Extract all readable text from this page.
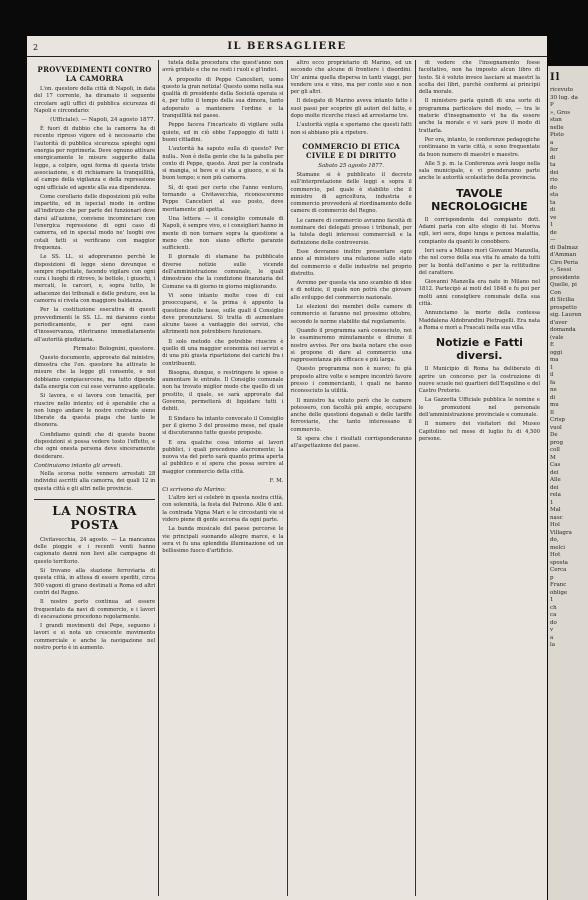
2	IL BERSAGLIERE
PROVVEDIMENTI CONTRO LA CAMORRA
L'on. questore della città di Napoli, in data del 17 corrente, ha diramato il seguente circolare agli uffici di pubblica sicurezza di Napoli e circondario:
(Ufficiale). — Napoli, 24 agosto 1877.
È fuori di dubbio che la camorra ha di recente ripreso vigore ed è necessario che l'autorità di pubblica sicurezza spieghi ogni energia per reprimerla. Deve ognuno attivare energicamente le misure suggerite dalla legge, a colpire, ogni forma di questa triste associazione, e di richiamare la tranquillità, al campo della vigilanza e della repressione ogni ufficiale ed agente alla sua dipendenza.
Come corollario delle disposizioni più volte impartite, ed in ispecial modo in ordine all'indirizzo che per parte dei funzionari deve darsi all'azione, conviene incominciare con l'energica repressione di ogni caso di camorra, ed in special modo ne' luoghi ove cotali fatti si verificano con maggior frequenza.
Le SS. LL. si adopreranno perchè le disposizioni di legge sieno dovunque e sempre rispettate, facendo vigilare con ogni cura i luoghi di ritrovo, le bettole, i giuochi, i mercati, le carceri, e, sopra tutto, le adiacenze dei tribunali e delle preture, ove la camorra si rivela con maggiore baldanza.
Per la costituzione esecutiva di questi provvedimenti le SS. LL. mi daranno conto periodicamente, e per ogni caso d'inosservanza, riferiranno immediatamente all'autorità giudiziaria.
Firmato: Bolognini, questore.
Questo documento, approvato dal ministro, dimostra che l'on. questore ha attivato le misure che la legge gli consente, e noi dobbiamo compiacercene, ma tutto dipende dalla energia con cui esse verranno applicate.
Si lavora, e si lavora con tenacità, per riuscire nello intento; ed è sperabile che a non lungo andare le nostre contrade sieno liberate da questa piaga che tanto le disonora.
Confidiamo quindi che di queste buone disposizioni si possa vedere tosto l'effetto, e che ogni onesta persona deve sinceramente desiderare.
Continuiamo intanto gli arresti.
Nella scorsa notte vennero arrestati 28 individui ascritti alla camorra, dei quali 12 in questa città e gli altri nelle provincie.
LA NOSTRA POSTA
Civitavecchia, 24 agosto. — La mancanza delle pioggie e i recenti venti hanno cagionato danni non lievi alle campagne di questo territorio.
Si trovano alla stazione ferroviaria di questa città, in attesa di essere spediti, circa 500 vagoni di grano destinati a Roma ed altri centri del Regno.
Il nostro porto continua ad essere frequentato da navi di commercio, e i lavori di escavazione procedono regolarmente.
I grandi movimenti del Pepe, seguono i lavori e si nota un crescente movimento commerciale e anche la navigazione nel nostro porto è in aumento.
tutela della procedura che quest'anno non avrà gridato e che ne resti i ruoli e gl'indici.
A proposito di Peppe Cancelieri, uomo questo la gran notizia! Questo uomo nella sua qualità di presidente della Società operaia si è, per tutto il tempo della sua dimora, tanto adoperato a mantenere l'ordine e la tranquillità nel paese.
Peppe faceva l'incaricato di vigilare sulla quiete, ed in ciò ebbe l'appoggio di tutti i buoni cittadini.
L'autorità ha saputo sulla di questo? Per nulla.. Non è della gente che fa la gabella per conto di Peppe, questo. Anzi per la contrada si mangia, si beve e si sta a giuoco, e si fa buon tempo; e non più camorra.
Sì, di quei per certo che l'anno venturo, tornando a Civitavecchia, riconosceremo Peppe Cancelieri al suo posto, dove meritamente gli spetta.
Una lettera — il consiglio comunale di Napoli, è sempre vivo, e i consiglieri hanno in mente di non tornare sopra la questione a meno che non siano offerte garanzie sufficienti.
Il giornale di stamane ha pubblicato diverse notizie sulle vicende dell'amministrazione comunale, le quali dimostrano che la condizione finanziaria del Comune va di giorno in giorno migliorando.
Vi sono intanto molte cose di cui preoccuparsi, e la prima è appunto la questione delle tasse, sulle quali il Consiglio deve pronunziarsi. Si tratta di aumentare alcune tasse a vantaggio dei servizi, che altrimenti non potrebbero funzionare.
Il solo metodo che potrebbe riuscire è quello di una maggior economia nei servizi e di una più giusta ripartizione dei carichi fra i contribuenti.
Bisogna, dunque, o restringere le spese o aumentare le entrate. Il Consiglio comunale non ha trovato miglior modo che quello di un prestito, il quale, se sarà approvato dal Governo, permetterà di liquidare tutti i debiti.
Il Sindaco ha intanto convocato il Consiglio per il giorno 3 del prossimo mese, nel quale si discuteranno tutte queste proposte.
E ora qualche cosa intorno ai lavori pubblici, i quali procedono alacremente; la nuova via del porto sarà quanto prima aperta al pubblico e si spera che possa servire al maggior commercio della città.
F. M.
Ci scrivono da Marino:
L'altro ieri si celebrò in questa nostra città, con solennità, la festa del Patrono. Alle 6 ant. la contrada Vigna Mari e le circostanti vie si videro piene di gente accorsa da ogni parte.
La banda musicale del paese percorse le vie principali suonando allegre marce, e la sera vi fu una splendida illuminazione ed un bellissimo fuoco d'artificio.
altro ecco proprietario di Marino, ed un secondo che alcune di frontiere i disordini. Un' anima quella dispersa in tanti viaggi, per vendere uva e vino, ma per conto suo e non per gli altri.
Il delegato di Marino aveva intanto fatto i suoi passi per scoprire gli autori del fatto, e dopo molte ricerche riuscì ad arrestarne tre.
L'autorità vigila e speriamo che questi fatti non si abbiano più a ripetere.
COMMERCIO DI ETICA CIVILE E DI DIRITTO
Sabato 25 agosto 1877.
Stamane si è pubblicato il decreto sull'interpretazione delle leggi e sopra il commercio, pel quale è stabilito che il ministro di agricoltura, industria e commercio provvederà al riordinamento delle camere di commercio del Regno.
Le camere di commercio avranno facoltà di nominare dei delegati presso i tribunali, per la tutela degli interessi commerciali e la definizione delle controversie.
Esse dovranno inoltre presentare ogni anno al ministero una relazione sullo stato del commercio e delle industrie nel proprio distretto.
Avremo per questa via uno scambio di idee e di notizie, il quale non potrà che giovare allo sviluppo del commercio nazionale.
Le elezioni dei membri delle camere di commercio si faranno nel prossimo ottobre, secondo le norme stabilite dal regolamento.
Quando il programma sarà conosciuto, noi lo esamineremo minutamente e diremo il nostro avviso. Per ora basta notare che esso si propone di dare al commercio una rappresentanza più efficace e più larga.
Questo programma non è nuovo; fu già proposto altre volte e sempre incontrò favore presso i commercianti, i quali ne hanno riconosciuto la utilità.
Il ministro ha voluto però che le camere potessero, con facoltà più ampie, occuparsi anche delle questioni doganali e delle tariffe ferroviarie, che tanto interessano il commercio.
Si spera che i risultati corrisponderanno all'aspettazione del paese.
di vedere che l'insegnamento fosse facoltativo, non ha imposto alcun libro di testo. Si è voluto invece lasciare ai maestri la scelta dei libri, purchè conformi ai principii della morale.
Il ministero parla quindi di una sorte di programma particolare del modo, — tra le materie d'insegnamento vi ha da essere anche la morale e vi sarà pure il modo di trattarla.
Per ora, intanto, le conferenze pedagogiche continuano in varie città, e sono frequentate da buon numero di maestri e maestre.
Alle 5 p. m. la Conferenza avrà luogo nella sala municipale, e vi prenderanno parte anche le autorità scolastiche della provincia.
TAVOLE NECROLOGICHE
Il corrispondente del compianto dott. Adami parla con alto elogio di lui. Moriva egli, ieri sera, dopo lunga e penosa malattia, compianto da quanti lo conobbero.
Ieri sera a Milano morì Giovanni Manzella, che nel corso della sua vita fu amato da tutti per la bontà dell'animo e per la rettitudine del carattere.
Giovanni Manzella era nato in Milano nel 1812. Partecipò ai moti del 1848 e fu poi per molti anni consigliere comunale della sua città.
Annunciamo la morte della contessa Maddalena Aldobrandini Pietragelli. Era nata a Roma e morì a Frascati nella sua villa.
Notizie e Fatti diversi.
Il Municipio di Roma ha deliberato di aprire un concorso per la costruzione di nuove scuole nei quartieri dell'Esquilino e del Castro Pretorio.
La Gazzetta Ufficiale pubblica le nomine e le promozioni nel personale dell'amministrazione provinciale e comunale.
Il numero dei visitatori del Museo Capitolino nel mese di luglio fu di 4,500 persone.
Il
ricevuto
30 lug. da
P
», Gros
stan
nelle
Pisto
a
fer
di
ta
dei
rio
do
sta
ta
di
ve
1
de
—
di Dalmaz
d'Amman
Ciro Peria
», Sessi
presidente
Quelle, pi
Con
di Sicilia
prospetto
sig. Lauren
d'aver
domanda
(vale
E
oggi
ma
1
il
fa
ne
di
mu
Il
Crisp
vuol
De
prog
coll
M
Cas
dei
Alle
dei
rela
1
Mal
nasc
Hol
Villagra
do,
melci
Hot
sposta
Cerca
p
Franc
oblige
1
ch
ca
do
v
a
la
